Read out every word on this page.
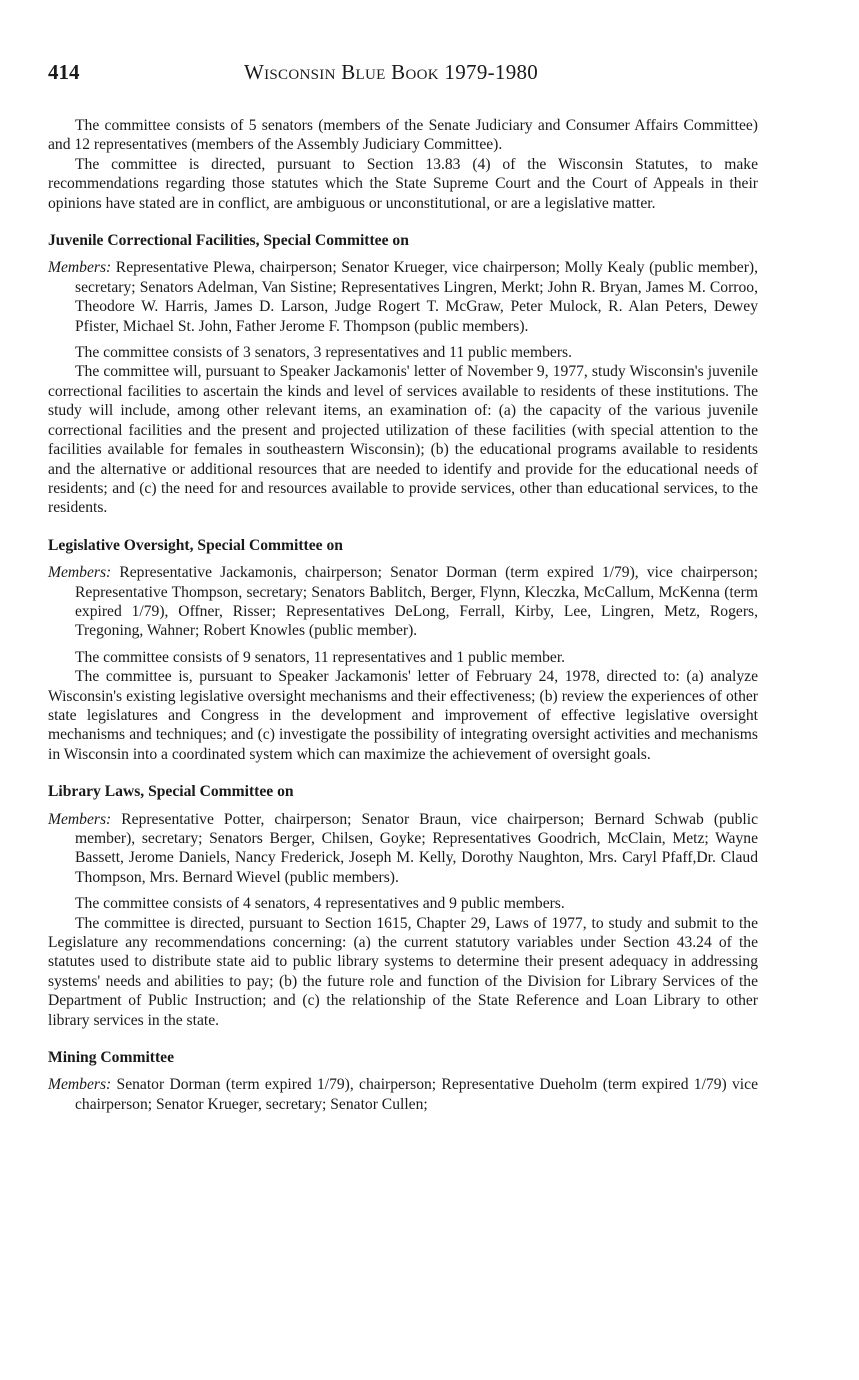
414	Wisconsin Blue Book 1979-1980

The committee consists of 5 senators (members of the Senate Judiciary and Consumer Affairs Committee) and 12 representatives (members of the Assembly Judiciary Committee).

The committee is directed, pursuant to Section 13.83 (4) of the Wisconsin Statutes, to make recommendations regarding those statutes which the State Supreme Court and the Court of Appeals in their opinions have stated are in conflict, are ambiguous or unconstitutional, or are a legislative matter.

Juvenile Correctional Facilities, Special Committee on

Members: Representative Plewa, chairperson; Senator Krueger, vice chairperson; Molly Kealy (public member), secretary; Senators Adelman, Van Sistine; Representatives Lingren, Merkt; John R. Bryan, James M. Corroo, Theodore W. Harris, James D. Larson, Judge Rogert T. McGraw, Peter Mulock, R. Alan Peters, Dewey Pfister, Michael St. John, Father Jerome F. Thompson (public members).

The committee consists of 3 senators, 3 representatives and 11 public members.

The committee will, pursuant to Speaker Jackamonis' letter of November 9, 1977, study Wisconsin's juvenile correctional facilities to ascertain the kinds and level of services available to residents of these institutions. The study will include, among other relevant items, an examination of: (a) the capacity of the various juvenile correctional facilities and the present and projected utilization of these facilities (with special attention to the facilities available for females in southeastern Wisconsin); (b) the educational programs available to residents and the alternative or additional resources that are needed to identify and provide for the educational needs of residents; and (c) the need for and resources available to provide services, other than educational services, to the residents.

Legislative Oversight, Special Committee on

Members: Representative Jackamonis, chairperson; Senator Dorman (term expired 1/79), vice chairperson; Representative Thompson, secretary; Senators Bablitch, Berger, Flynn, Kleczka, McCallum, McKenna (term expired 1/79), Offner, Risser; Representatives DeLong, Ferrall, Kirby, Lee, Lingren, Metz, Rogers, Tregoning, Wahner; Robert Knowles (public member).

The committee consists of 9 senators, 11 representatives and 1 public member.

The committee is, pursuant to Speaker Jackamonis' letter of February 24, 1978, directed to: (a) analyze Wisconsin's existing legislative oversight mechanisms and their effectiveness; (b) review the experiences of other state legislatures and Congress in the development and improvement of effective legislative oversight mechanisms and techniques; and (c) investigate the possibility of integrating oversight activities and mechanisms in Wisconsin into a coordinated system which can maximize the achievement of oversight goals.

Library Laws, Special Committee on

Members: Representative Potter, chairperson; Senator Braun, vice chairperson; Bernard Schwab (public member), secretary; Senators Berger, Chilsen, Goyke; Representatives Goodrich, McClain, Metz; Wayne Bassett, Jerome Daniels, Nancy Frederick, Joseph M. Kelly, Dorothy Naughton, Mrs. Caryl Pfaff,Dr. Claud Thompson, Mrs. Bernard Wievel (public members).

The committee consists of 4 senators, 4 representatives and 9 public members.

The committee is directed, pursuant to Section 1615, Chapter 29, Laws of 1977, to study and submit to the Legislature any recommendations concerning: (a) the current statutory variables under Section 43.24 of the statutes used to distribute state aid to public library systems to determine their present adequacy in addressing systems' needs and abilities to pay; (b) the future role and function of the Division for Library Services of the Department of Public Instruction; and (c) the relationship of the State Reference and Loan Library to other library services in the state.

Mining Committee

Members: Senator Dorman (term expired 1/79), chairperson; Representative Dueholm (term expired 1/79) vice chairperson; Senator Krueger, secretary; Senator Cullen;
